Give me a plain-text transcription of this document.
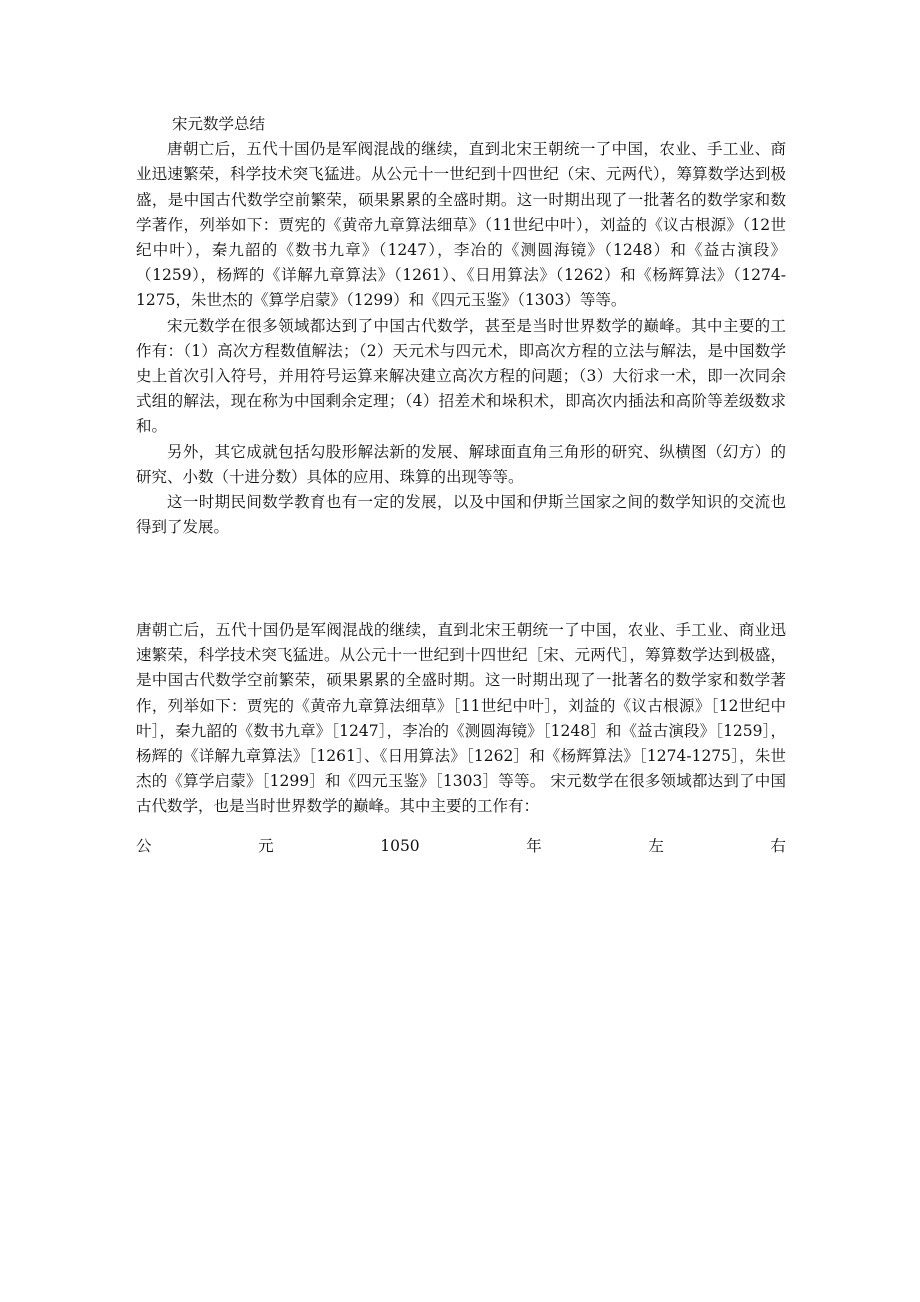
宋元数学总结

唐朝亡后，五代十国仍是军阀混战的继续，直到北宋王朝统一了中国，农业、手工业、商业迅速繁荣，科学技术突飞猛进。从公元十一世纪到十四世纪（宋、元两代），筹算数学达到极盛，是中国古代数学空前繁荣，硕果累累的全盛时期。这一时期出现了一批著名的数学家和数学著作，列举如下：贾宪的《黄帝九章算法细草》（11世纪中叶），刘益的《议古根源》（12世纪中叶），秦九韶的《数书九章》（1247），李冶的《测圆海镜》（1248）和《益古演段》（1259），杨辉的《详解九章算法》（1261）、《日用算法》（1262）和《杨辉算法》（1274-1275，朱世杰的《算学启蒙》（1299）和《四元玉鉴》（1303）等等。

宋元数学在很多领域都达到了中国古代数学，甚至是当时世界数学的巅峰。其中主要的工作有：（1）高次方程数值解法；（2）天元术与四元术，即高次方程的立法与解法，是中国数学史上首次引入符号，并用符号运算来解决建立高次方程的问题；（3）大衍求一术，即一次同余式组的解法，现在称为中国剩余定理；（4）招差术和垛积术，即高次内插法和高阶等差级数求和。

另外，其它成就包括勾股形解法新的发展、解球面直角三角形的研究、纵横图（幻方）的研究、小数（十进分数）具体的应用、珠算的出现等等。

这一时期民间数学教育也有一定的发展，以及中国和伊斯兰国家之间的数学知识的交流也得到了发展。

唐朝亡后，五代十国仍是军阀混战的继续，直到北宋王朝统一了中国，农业、手工业、商业迅速繁荣，科学技术突飞猛进。从公元十一世纪到十四世纪［宋、元两代］，筹算数学达到极盛，是中国古代数学空前繁荣，硕果累累的全盛时期。这一时期出现了一批著名的数学家和数学著作，列举如下：贾宪的《黄帝九章算法细草》［11世纪中叶］，刘益的《议古根源》［12世纪中叶］，秦九韶的《数书九章》［1247］，李冶的《测圆海镜》［1248］和《益古演段》［1259］，杨辉的《详解九章算法》［1261］、《日用算法》［1262］和《杨辉算法》［1274-1275］，朱世杰的《算学启蒙》［1299］和《四元玉鉴》［1303］等等。 宋元数学在很多领域都达到了中国古代数学，也是当时世界数学的巅峰。其中主要的工作有：

公	元	1050	年	左	右
